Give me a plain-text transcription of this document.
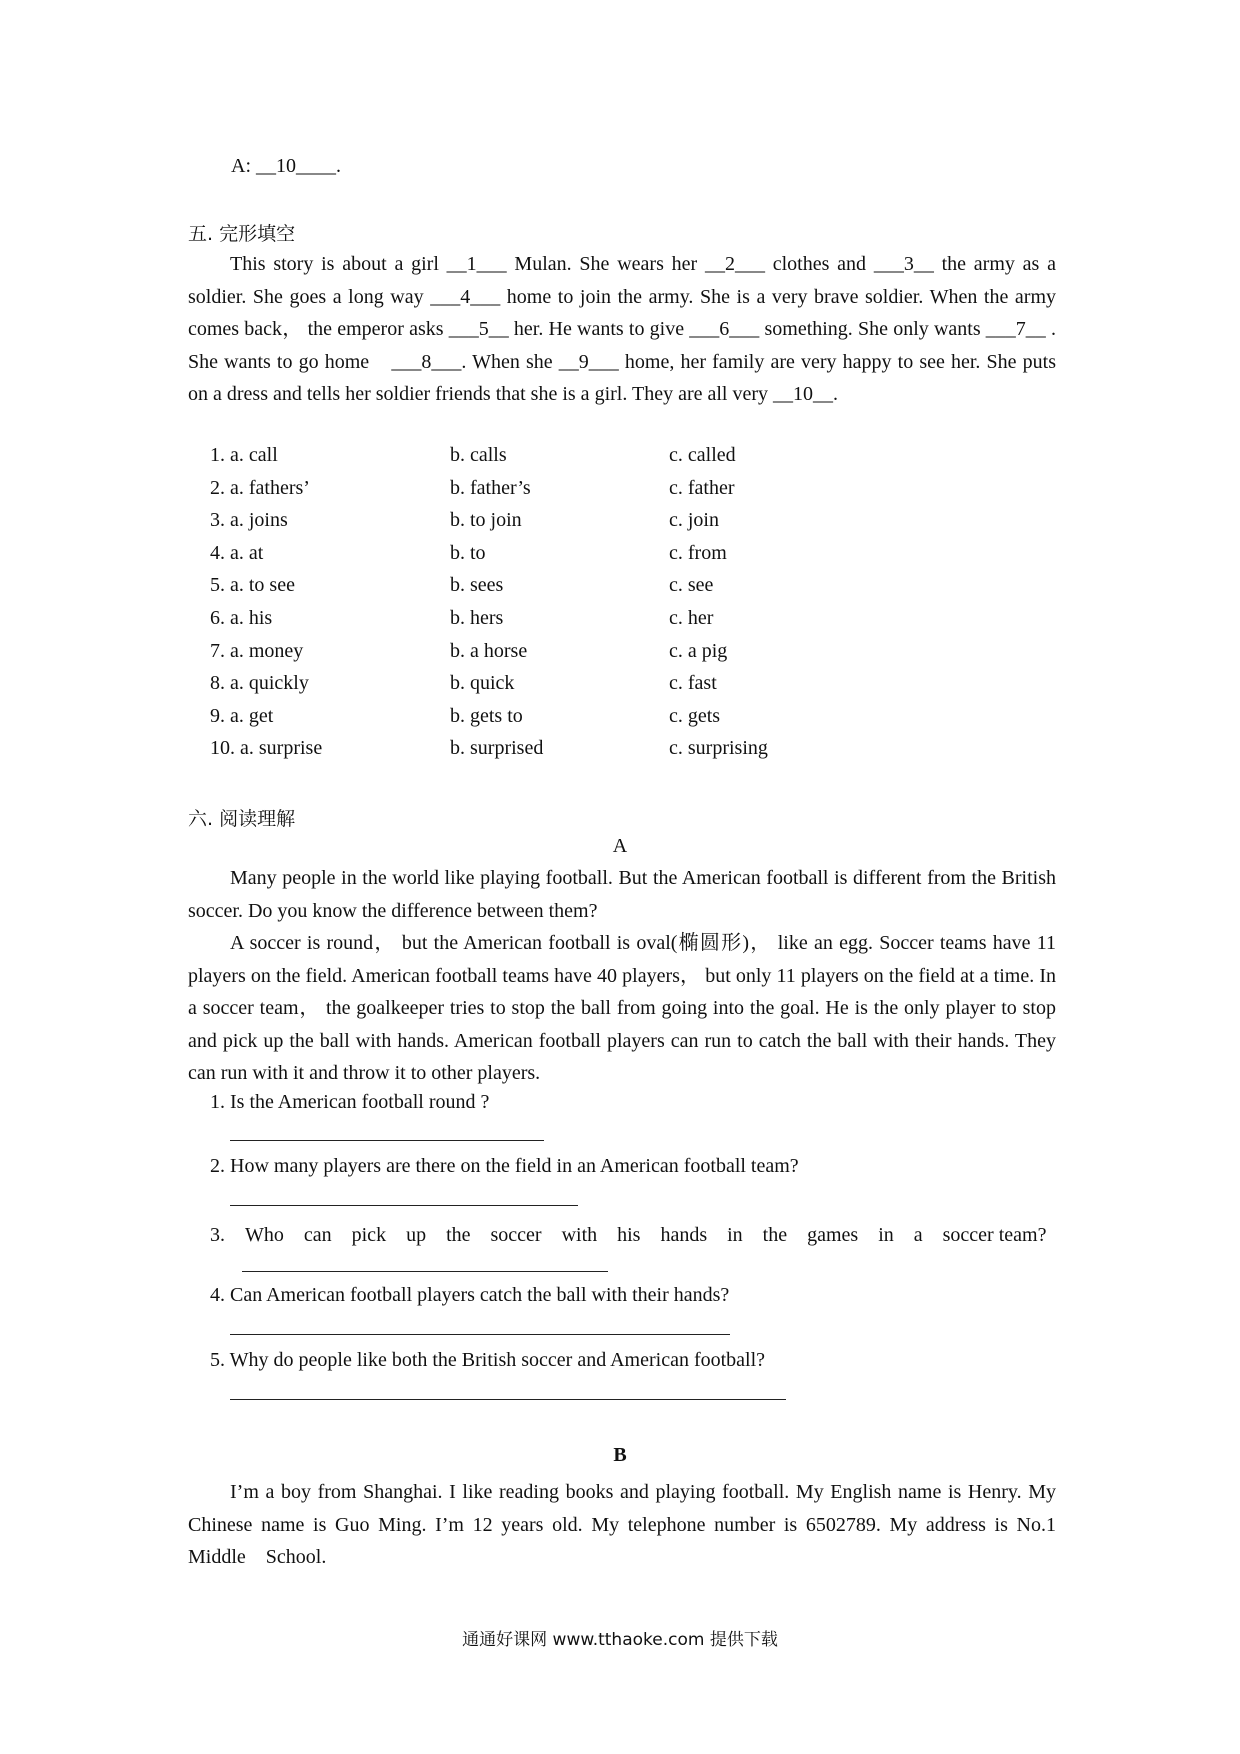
A: __10____.
五. 完形填空
This story is about a girl __1___ Mulan. She wears her __2___ clothes and ___3__ the army as a soldier. She goes a long way ___4___ home to join the army. She is a very brave soldier. When the army comes back， the emperor asks ___5__ her. He wants to give ___6___ something. She only wants ___7__ . She wants to go home　___8___. When she __9___ home, her family are very happy to see her. She puts on a dress and tells her soldier friends that she is a girl. They are all very __10__.
1. a. call	b. calls	c. called
2. a. fathers’	b. father’s	c. father
3. a. joins	b. to join	c. join
4. a. at	b. to	c. from
5. a. to see	b. sees	c. see
6. a. his	b. hers	c. her
7. a. money	b. a horse	c. a pig
8. a. quickly	b. quick	c. fast
9. a. get	b. gets to	c. gets
10. a. surprise	b. surprised	c. surprising
六. 阅读理解
A
Many people in the world like playing football. But the American football is different from the British soccer. Do you know the difference between them?
A soccer is round， but the American football is oval(椭圆形)， like an egg. Soccer teams have 11 players on the field. American football teams have 40 players， but only 11 players on the field at a time. In a soccer team， the goalkeeper tries to stop the ball from going into the goal. He is the only player to stop and pick up the ball with hands. American football players can run to catch the ball with their hands. They can run with it and throw it to other players.
1. Is the American football round ?
2. How many players are there on the field in an American football team?
3.　Who　can　pick　up　the　soccer　with　his　hands　in　the　games　in　a　soccer team?
4. Can American football players catch the ball with their hands?
5. Why do people like both the British soccer and American football?
B
I’m a boy from Shanghai. I like reading books and playing football. My English name is Henry. My Chinese name is Guo Ming. I’m 12 years old. My telephone number is 6502789. My address is No.1 Middle　School.
通通好课网 www.tthaoke.com 提供下载
